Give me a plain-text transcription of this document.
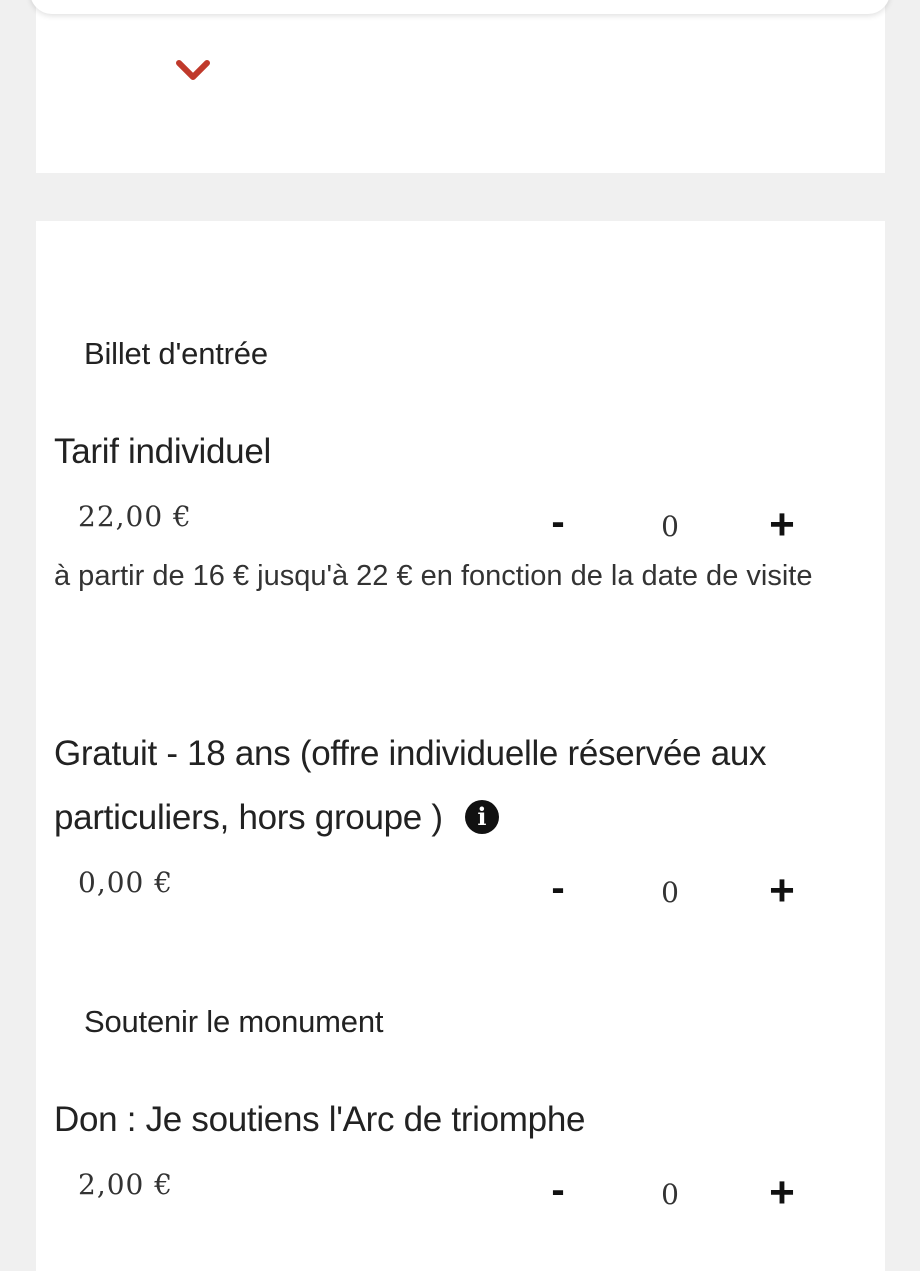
Billet d'entrée
Tarif individuel
22,00 €	-	0 +
à partir de 16 € jusqu'à 22 € en fonction de la date de visite
Gratuit - 18 ans (offre individuelle réservée aux particuliers, hors groupe ) i
0,00 €	-	0 +
Soutenir le monument
Don : Je soutiens l'Arc de triomphe
2,00 €	-	0 +
